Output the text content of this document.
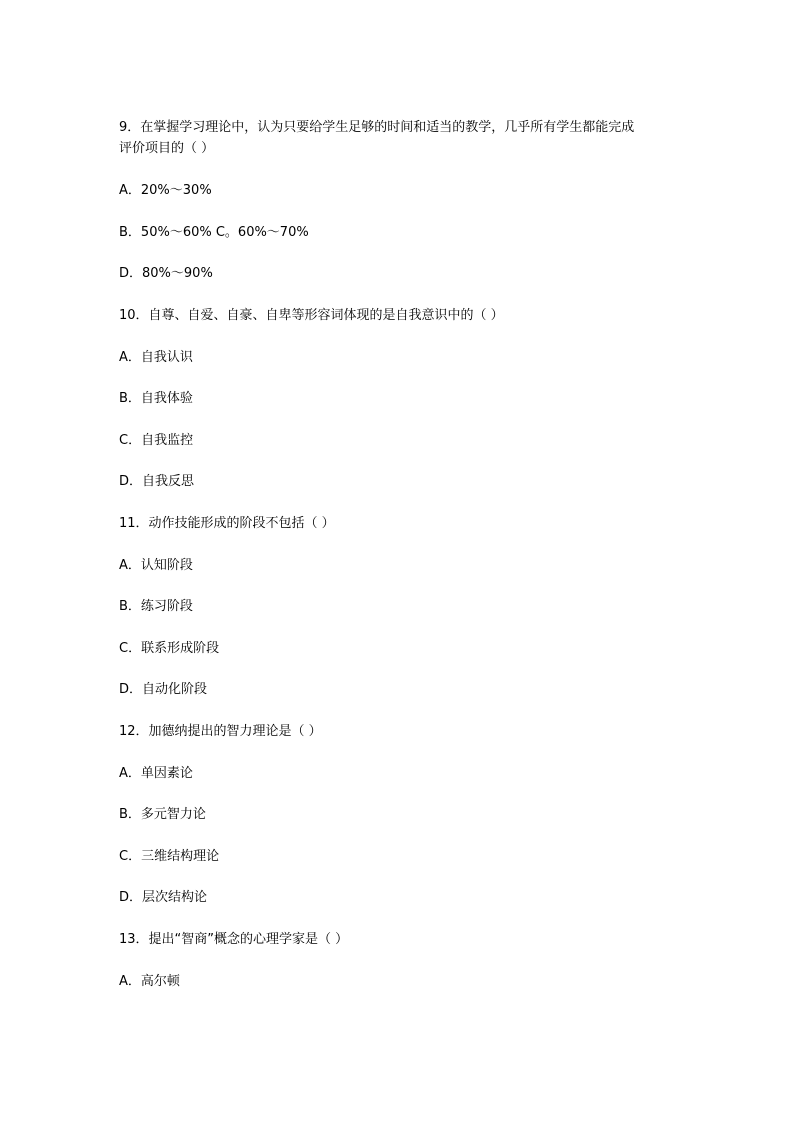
9．在掌握学习理论中，认为只要给学生足够的时间和适当的教学，几乎所有学生都能完成
评价项目的（ ）
A．20%～30%
B．50%～60% C。60%～70%
D．80%～90%
10．自尊、自爱、自豪、自卑等形容词体现的是自我意识中的（ ）
A．自我认识
B．自我体验
C．自我监控
D．自我反思
11．动作技能形成的阶段不包括（ ）
A．认知阶段
B．练习阶段
C．联系形成阶段
D．自动化阶段
12．加德纳提出的智力理论是（ ）
A．单因素论
B．多元智力论
C．三维结构理论
D．层次结构论
13．提出“智商”概念的心理学家是（ ）
A．高尔顿
